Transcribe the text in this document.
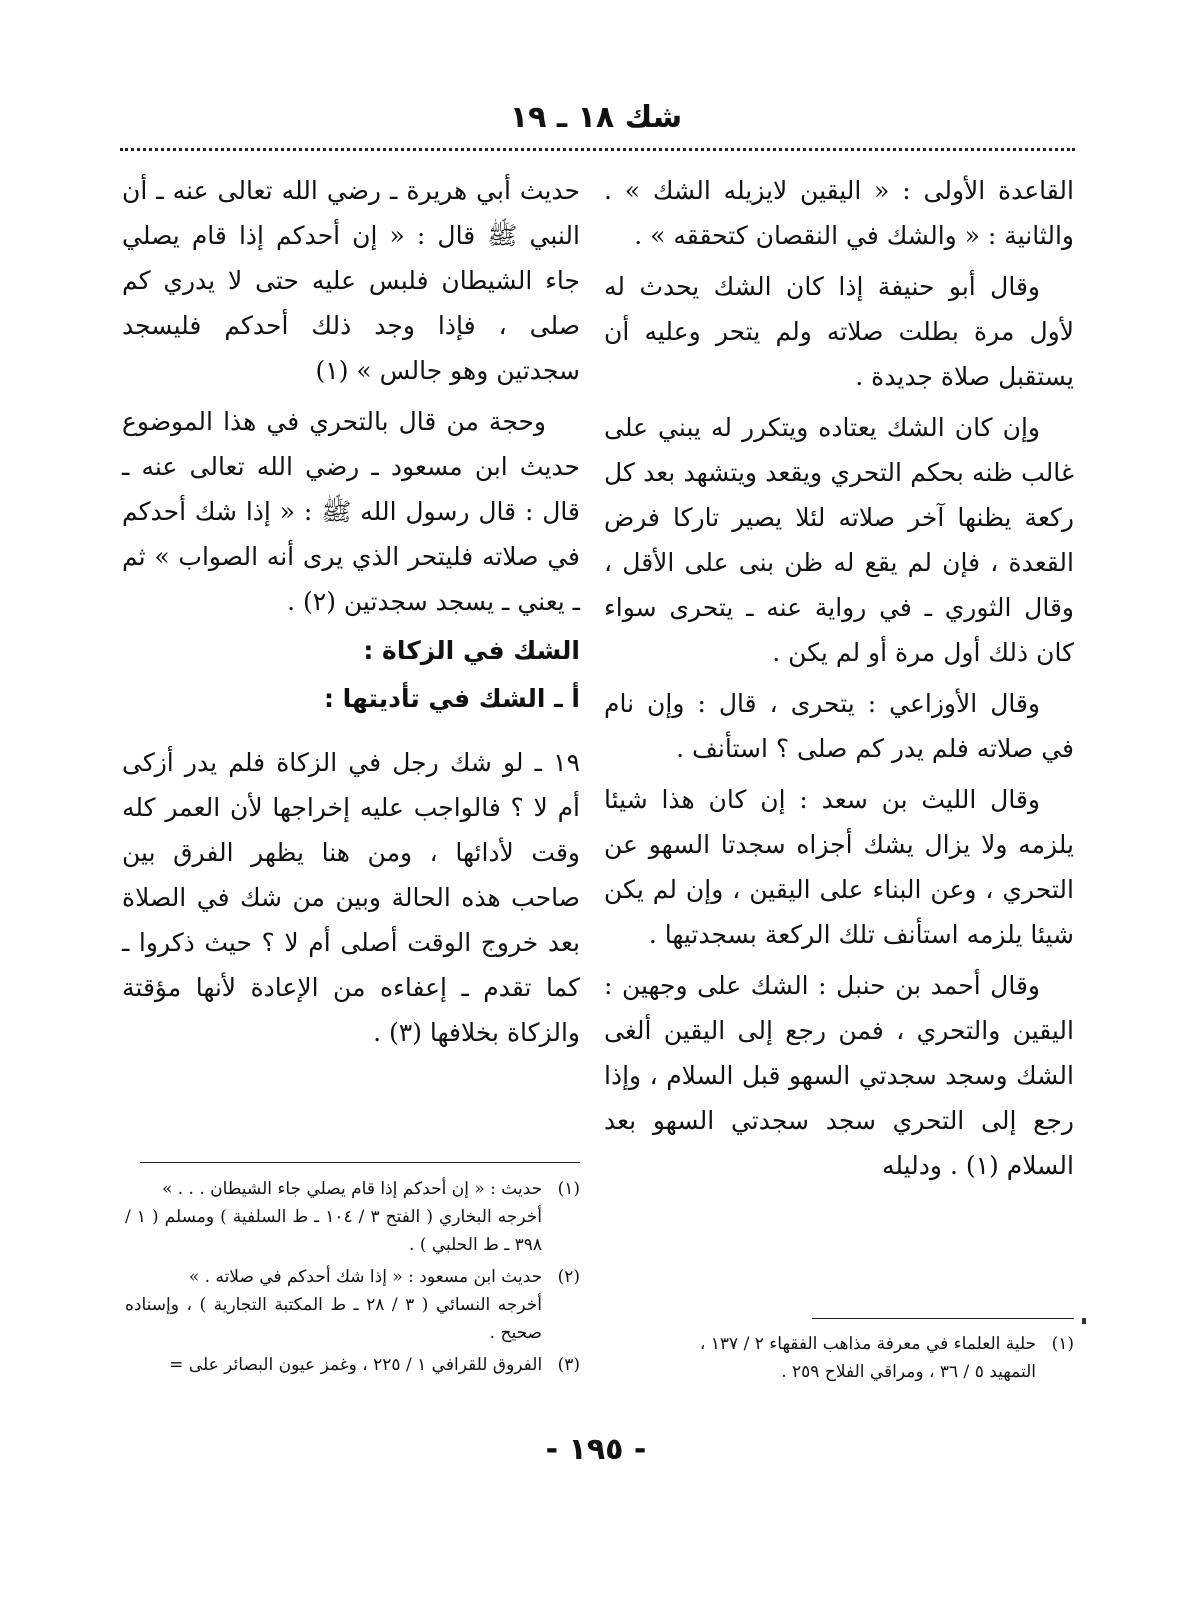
شك ١٨ ـ ١٩

القاعدة الأولى : « اليقين لايزيله الشك » . والثانية : « والشك في النقصان كتحققه » .

وقال أبو حنيفة إذا كان الشك يحدث له لأول مرة بطلت صلاته ولم يتحر وعليه أن يستقبل صلاة جديدة .

وإن كان الشك يعتاده ويتكرر له يبني على غالب ظنه بحكم التحري ويقعد ويتشهد بعد كل ركعة يظنها آخر صلاته لئلا يصير تاركا فرض القعدة ، فإن لم يقع له ظن بنى على الأقل ، وقال الثوري ـ في رواية عنه ـ يتحرى سواء كان ذلك أول مرة أو لم يكن .

وقال الأوزاعي : يتحرى ، قال : وإن نام في صلاته فلم يدر كم صلى ؟ استأنف .

وقال الليث بن سعد : إن كان هذا شيئا يلزمه ولا يزال يشك أجزاه سجدتا السهو عن التحري ، وعن البناء على اليقين ، وإن لم يكن شيئا يلزمه استأنف تلك الركعة بسجدتيها .

وقال أحمد بن حنبل : الشك على وجهين : اليقين والتحري ، فمن رجع إلى اليقين ألغى الشك وسجد سجدتي السهو قبل السلام ، وإذا رجع إلى التحري سجد سجدتي السهو بعد السلام (١) . ودليله

حديث أبي هريرة ـ رضي الله تعالى عنه ـ أن النبي ﷺ قال : « إن أحدكم إذا قام يصلي جاء الشيطان فلبس عليه حتى لا يدري كم صلى ، فإذا وجد ذلك أحدكم فليسجد سجدتين وهو جالس » (١)

وحجة من قال بالتحري في هذا الموضوع حديث ابن مسعود ـ رضي الله تعالى عنه ـ قال : قال رسول الله ﷺ : « إذا شك أحدكم في صلاته فليتحر الذي يرى أنه الصواب » ثم ـ يعني ـ يسجد سجدتين (٢) .

الشك في الزكاة :
أ ـ الشك في تأديتها :

١٩ ـ لو شك رجل في الزكاة فلم يدر أزكى أم لا ؟ فالواجب عليه إخراجها لأن العمر كله وقت لأدائها ، ومن هنا يظهر الفرق بين صاحب هذه الحالة وبين من شك في الصلاة بعد خروج الوقت أصلى أم لا ؟ حيث ذكروا ـ كما تقدم ـ إعفاءه من الإعادة لأنها مؤقتة والزكاة بخلافها (٣) .

(١) حلية العلماء في معرفة مذاهب الفقهاء ٢ / ١٣٧ ،
التمهيد ٥ / ٣٦ ، ومراقي الفلاح ٢٥٩ .
(١) حديث : « إن أحدكم إذا قام يصلي جاء الشيطان . . . »
أخرجه البخاري ( الفتح ٣ / ١٠٤ ـ ط السلفية ) ومسلم ( ١ / ٣٩٨ ـ ط الحلبي ) .
(٢) حديث ابن مسعود : « إذا شك أحدكم في صلاته . »
أخرجه النسائي ( ٣ / ٢٨ ـ ط المكتبة التجارية ) ، وإسناده صحيح .
(٣) الفروق للقرافي ١ / ٢٢٥ ، وغمز عيون البصائر على =
- ١٩٥ -
